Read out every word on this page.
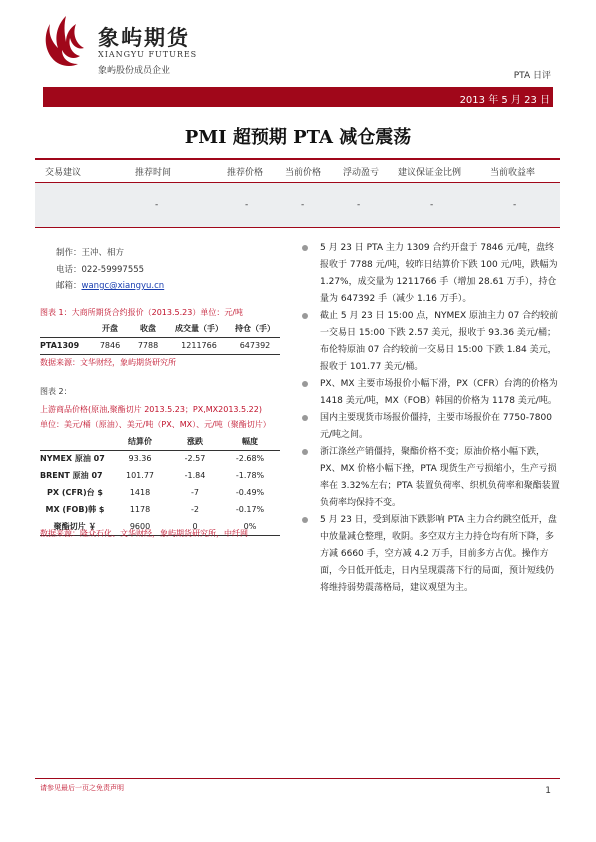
象屿期货
XIANGYU FUTURES
象屿股份成员企业	PTA 日评
2013 年 5 月 23 日
PMI 超预期 PTA 减仓震荡
交易建议	推荐时间	推荐价格 当前价格 浮动盈亏 建议保证金比例	当前收益率
-	-	-	-	-	-
制作：王冲、相方
电话：022-59997555
邮箱：wangc@xiangyu.cn
图表 1：大商所期货合约报价（2013.5.23）单位：元/吨
	开盘	收盘	成交量（手）	持仓（手）
PTA1309	7846	7788	1211766	647392
数据来源：文华财经，象屿期货研究所
图表 2：
上游商品价格(原油,聚酯切片 2013.5.23；PX,MX2013.5.22)
单位：美元/桶（原油）、美元/吨（PX、MX）、元/吨（聚酯切片）
	结算价	涨跌	幅度
NYMEX 原油 07	93.36	-2.57	-2.68%
BRENT 原油 07	101.77	-1.84	-1.78%
PX (CFR)台 $	1418	-7	-0.49%
MX (FOB)韩 $	1178	-2	-0.17%
聚酯切片 ￥	9600	0	0%
数据来源：隆众石化、文华财经，象屿期货研究所，中纤网
5 月 23 日 PTA 主力 1309 合约开盘于 7846 元/吨，盘终报收于 7788 元/吨，较昨日结算价下跌 100 元/吨，跌幅为 1.27%，成交量为 1211766 手（增加 28.61 万手），持仓量为 647392 手（减少 1.16 万手）。
截止 5 月 23 日 15:00 点，NYMEX 原油主力 07 合约较前一交易日 15:00 下跌 2.57 美元，报收于 93.36 美元/桶；布伦特原油 07 合约较前一交易日 15:00 下跌 1.84 美元，报收于 101.77 美元/桶。
PX、MX 主要市场报价小幅下滑，PX（CFR）台湾的价格为 1418 美元/吨，MX（FOB）韩国的价格为 1178 美元/吨。
国内主要现货市场报价僵持，主要市场报价在 7750-7800 元/吨之间。
浙江涤丝产销僵持，聚酯价格不变；原油价格小幅下跌，PX、MX 价格小幅下挫，PTA 现货生产亏损缩小，生产亏损率在 3.32%左右；PTA 装置负荷率、织机负荷率和聚酯装置负荷率均保持不变。
5 月 23 日，受到原油下跌影响 PTA 主力合约跳空低开，盘中放量减仓整理，收阴。多空双方主力持仓均有所下降，多方减 6660 手，空方减 4.2 万手，目前多方占优。操作方面，今日低开低走，日内呈现震荡下行的局面，预计短线仍将维持弱势震荡格局，建议观望为主。
请参见最后一页之免责声明	1
